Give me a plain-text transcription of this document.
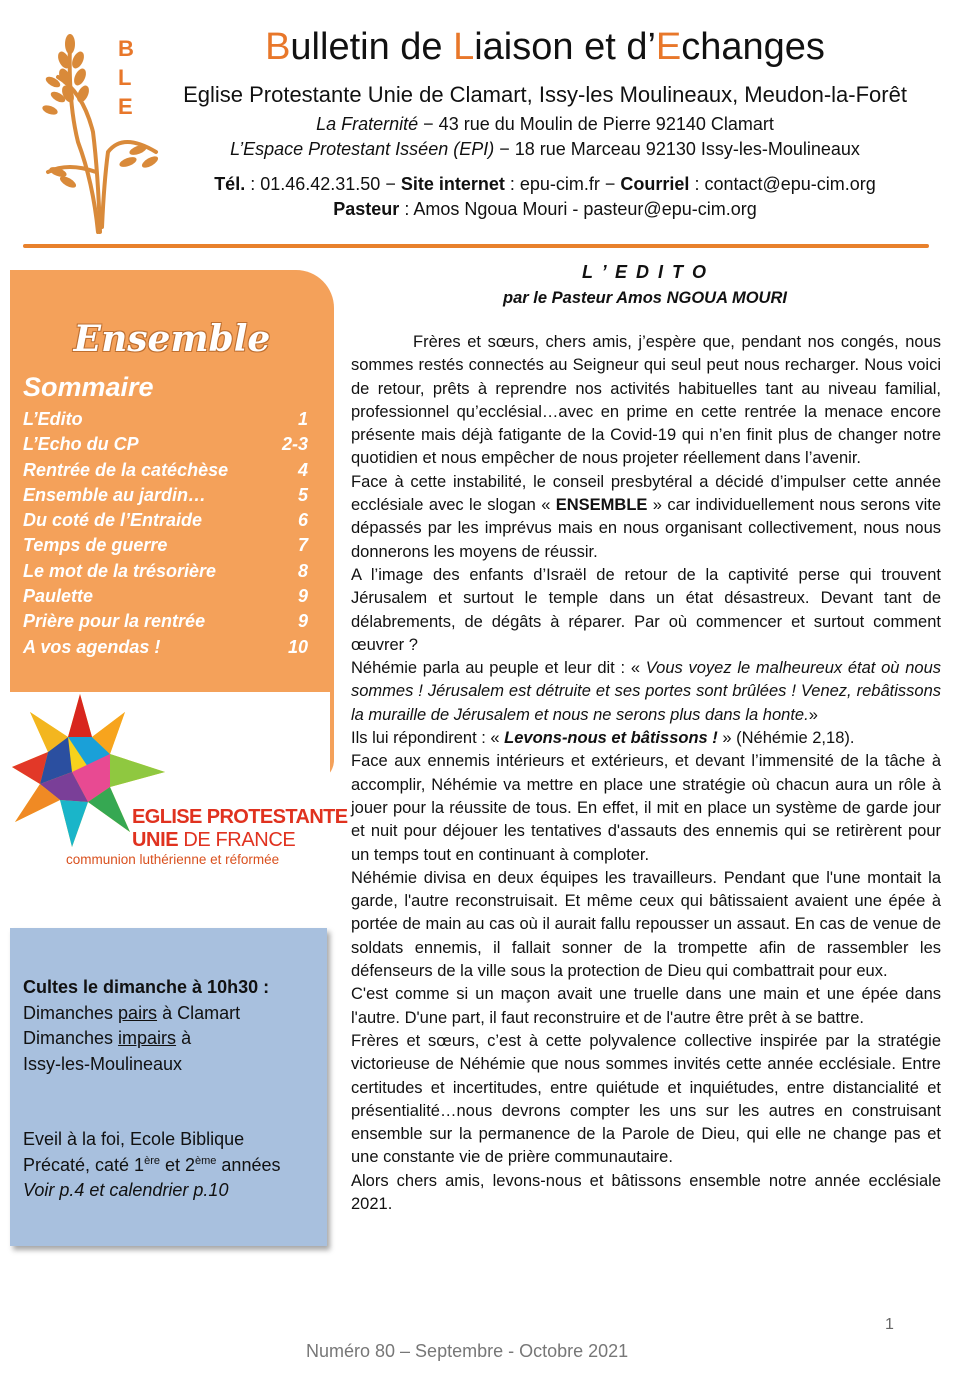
B
L
E
Bulletin de Liaison et d’Echanges
Eglise Protestante Unie de Clamart, Issy-les Moulineaux, Meudon-la-Forêt
La Fraternité − 43 rue du Moulin de Pierre 92140 Clamart
L’Espace Protestant Isséen (EPI) − 18 rue Marceau 92130 Issy-les-Moulineaux
Tél. : 01.46.42.31.50 − Site internet : epu-cim.fr − Courriel : contact@epu-cim.org
Pasteur : Amos Ngoua Mouri - pasteur@epu-cim.org
Ensemble
Sommaire
L’Edito	1
L’Echo du CP	2-3
Rentrée de la catéchèse	4
Ensemble au jardin…	5
Du coté de l’Entraide	6
Temps de guerre	7
Le mot de la trésorière	8
Paulette	9
Prière pour la rentrée	9
A vos agendas !	10
EGLISE PROTESTANTE
UNIE DE FRANCE
communion luthérienne et réformée
Cultes le dimanche à 10h30 :
Dimanches pairs à Clamart
Dimanches impairs à
Issy-les-Moulineaux
Eveil à la foi, Ecole Biblique
Précaté, caté 1ère et 2ème années
Voir p.4 et calendrier p.10
L ’ E D I T O
par le Pasteur Amos NGOUA MOURI

Frères et sœurs, chers amis, j’espère que, pendant nos congés, nous sommes restés connectés au Seigneur qui seul peut nous recharger. Nous voici de retour, prêts à reprendre nos activités habituelles tant au niveau familial, professionnel qu’ecclésial…avec en prime en cette rentrée la menace encore présente mais déjà fatigante de la Covid-19 qui n’en finit plus de changer notre quotidien et nous empêcher de nous projeter réellement dans l’avenir.

Face à cette instabilité, le conseil presbytéral a décidé d’impulser cette année ecclésiale avec le slogan « ENSEMBLE » car individuellement nous serons vite dépassés par les imprévus mais en nous organisant collectivement, nous nous donnerons les moyens de réussir.

A l’image des enfants d’Israël de retour de la captivité perse qui trouvent Jérusalem et surtout le temple dans un état désastreux. Devant tant de délabrements, de dégâts à réparer. Par où commencer et surtout comment œuvrer ?

Néhémie parla au peuple et leur dit : « Vous voyez le malheureux état où nous sommes ! Jérusalem est détruite et ses portes sont brûlées ! Venez, rebâtissons la muraille de Jérusalem et nous ne serons plus dans la honte.»

Ils lui répondirent : « Levons-nous et bâtissons ! » (Néhémie 2,18).

Face aux ennemis intérieurs et extérieurs, et devant l’immensité de la tâche à accomplir, Néhémie va mettre en place une stratégie où chacun aura un rôle à jouer pour la réussite de tous. En effet, il mit en place un système de garde jour et nuit pour déjouer les tentatives d'assauts des ennemis qui se retirèrent pour un temps tout en continuant à comploter.

Néhémie divisa en deux équipes les travailleurs. Pendant que l'une montait la garde, l'autre reconstruisait. Et même ceux qui bâtissaient avaient une épée à portée de main au cas où il aurait fallu repousser un assaut. En cas de venue de soldats ennemis, il fallait sonner de la trompette afin de rassembler les défenseurs de la ville sous la protection de Dieu qui combattrait pour eux.

C'est comme si un maçon avait une truelle dans une main et une épée dans l'autre. D'une part, il faut reconstruire et de l'autre être prêt à se battre.

Frères et sœurs, c’est à cette polyvalence collective inspirée par la stratégie victorieuse de Néhémie que nous sommes invités cette année ecclésiale. Entre certitudes et incertitudes, entre quiétude et inquiétudes, entre distancialité et présentialité…nous devrons compter les uns sur les autres en construisant ensemble sur la permanence de la Parole de Dieu, qui elle ne change pas et une constante vie de prière communautaire.

Alors chers amis, levons-nous et bâtissons ensemble notre année ecclésiale 2021.

1
Numéro 80 – Septembre - Octobre 2021
